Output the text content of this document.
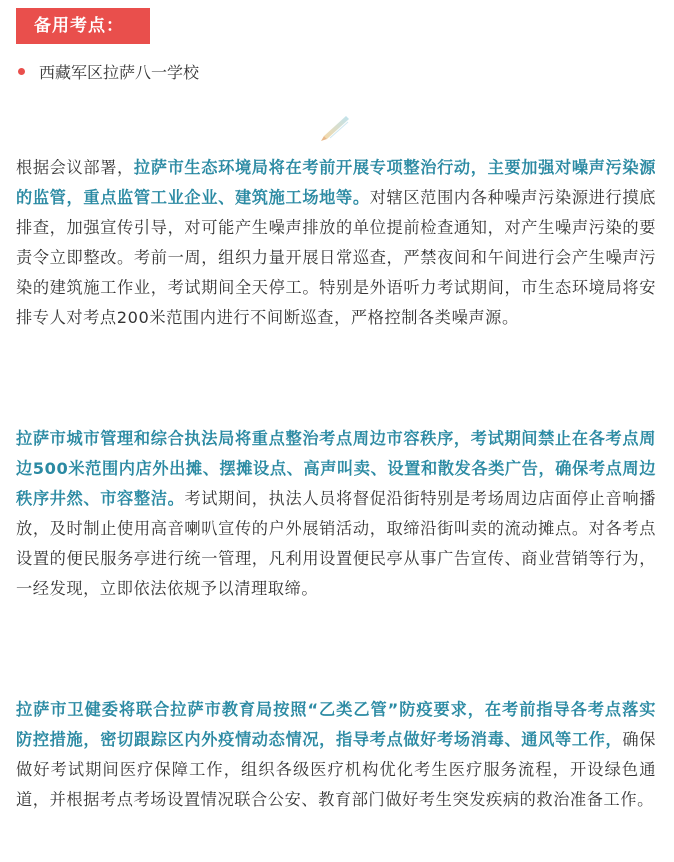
备用考点：
西藏军区拉萨八一学校

根据会议部署，拉萨市生态环境局将在考前开展专项整治行动，主要加强对噪声污染源的监管，重点监管工业企业、建筑施工场地等。对辖区范围内各种噪声污染源进行摸底排查，加强宣传引导，对可能产生噪声排放的单位提前检查通知，对产生噪声污染的要责令立即整改。考前一周，组织力量开展日常巡查，严禁夜间和午间进行会产生噪声污染的建筑施工作业，考试期间全天停工。特别是外语听力考试期间，市生态环境局将安排专人对考点200米范围内进行不间断巡查，严格控制各类噪声源。

拉萨市城市管理和综合执法局将重点整治考点周边市容秩序，考试期间禁止在各考点周边500米范围内店外出摊、摆摊设点、高声叫卖、设置和散发各类广告，确保考点周边秩序井然、市容整洁。考试期间，执法人员将督促沿街特别是考场周边店面停止音响播放，及时制止使用高音喇叭宣传的户外展销活动，取缔沿街叫卖的流动摊点。对各考点设置的便民服务亭进行统一管理，凡利用设置便民亭从事广告宣传、商业营销等行为，一经发现，立即依法依规予以清理取缔。

拉萨市卫健委将联合拉萨市教育局按照“乙类乙管”防疫要求，在考前指导各考点落实防控措施，密切跟踪区内外疫情动态情况，指导考点做好考场消毒、通风等工作，确保做好考试期间医疗保障工作，组织各级医疗机构优化考生医疗服务流程，开设绿色通道，并根据考点考场设置情况联合公安、教育部门做好考生突发疾病的救治准备工作。
